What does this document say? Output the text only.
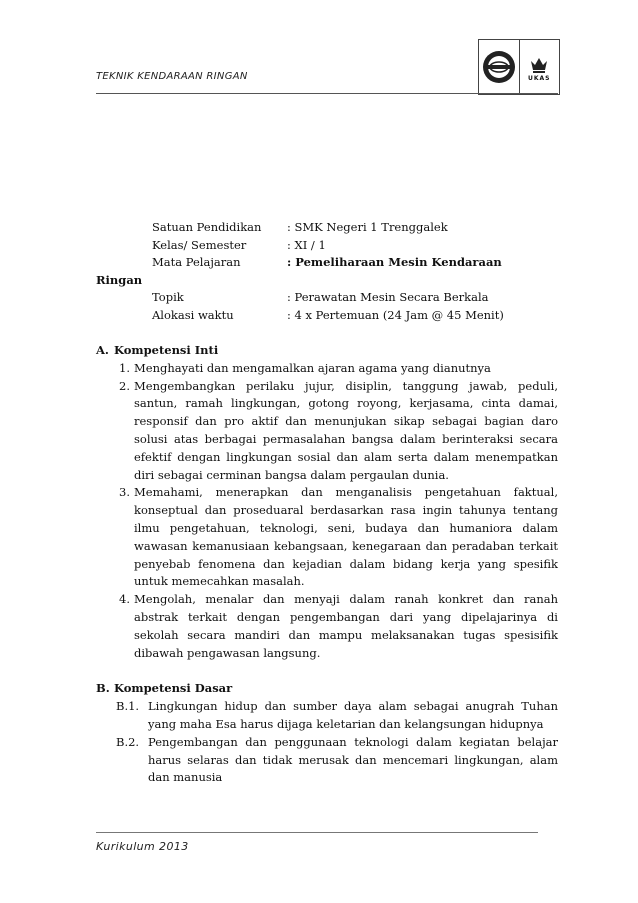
TEKNIK KENDARAAN RINGAN	UKAS
Satuan Pendidikan	: SMK Negeri 1 Trenggalek
Kelas/ Semester	: XI / 1
Mata Pelajaran	: Pemeliharaan Mesin Kendaraan
Ringan
Topik	: Perawatan Mesin Secara Berkala
Alokasi waktu	: 4 x Pertemuan (24 Jam @ 45 Menit)

A. Kompetensi Inti

1. Menghayati dan mengamalkan ajaran agama yang dianutnya
2. Mengembangkan perilaku jujur, disiplin, tanggung jawab, peduli, santun, ramah lingkungan, gotong royong, kerjasama, cinta damai, responsif dan pro aktif dan menunjukan sikap sebagai bagian daro solusi atas berbagai permasalahan bangsa dalam berinteraksi secara efektif dengan lingkungan sosial dan alam serta dalam menempatkan diri sebagai cerminan bangsa dalam pergaulan dunia.
3. Memahami, menerapkan dan menganalisis pengetahuan faktual, konseptual dan proseduaral berdasarkan rasa ingin tahunya tentang ilmu pengetahuan, teknologi, seni, budaya dan humaniora dalam wawasan kemanusiaan kebangsaan, kenegaraan dan peradaban terkait penyebab fenomena dan kejadian dalam bidang kerja yang spesifik untuk memecahkan masalah.
4. Mengolah, menalar dan menyaji dalam ranah konkret dan ranah abstrak terkait dengan pengembangan dari yang dipelajarinya di sekolah secara mandiri dan mampu melaksanakan tugas spesisifik dibawah pengawasan langsung.

B. Kompetensi Dasar

B.1. Lingkungan hidup dan sumber daya alam sebagai anugrah Tuhan yang maha Esa harus dijaga keletarian dan kelangsungan hidupnya
B.2. Pengembangan dan penggunaan teknologi dalam kegiatan belajar harus selaras dan tidak merusak dan mencemari lingkungan, alam dan manusia
Kurikulum 2013
